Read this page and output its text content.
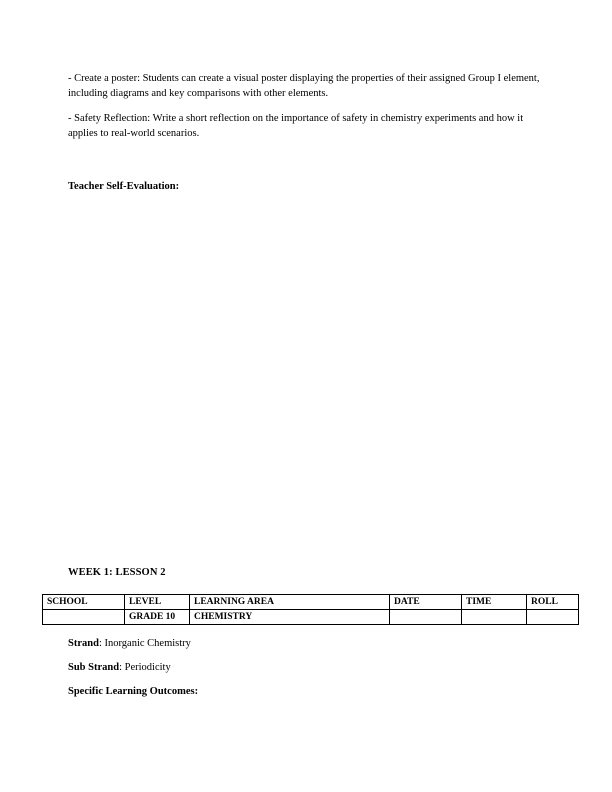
- Create a poster: Students can create a visual poster displaying the properties of their assigned Group I element, including diagrams and key comparisons with other elements.

- Safety Reflection: Write a short reflection on the importance of safety in chemistry experiments and how it applies to real-world scenarios.

Teacher Self-Evaluation:
WEEK 1: LESSON 2
SCHOOL	LEVEL	LEARNING AREA	DATE	TIME	ROLL
	GRADE 10	CHEMISTRY			
Strand: Inorganic Chemistry
Sub Strand: Periodicity
Specific Learning Outcomes:
